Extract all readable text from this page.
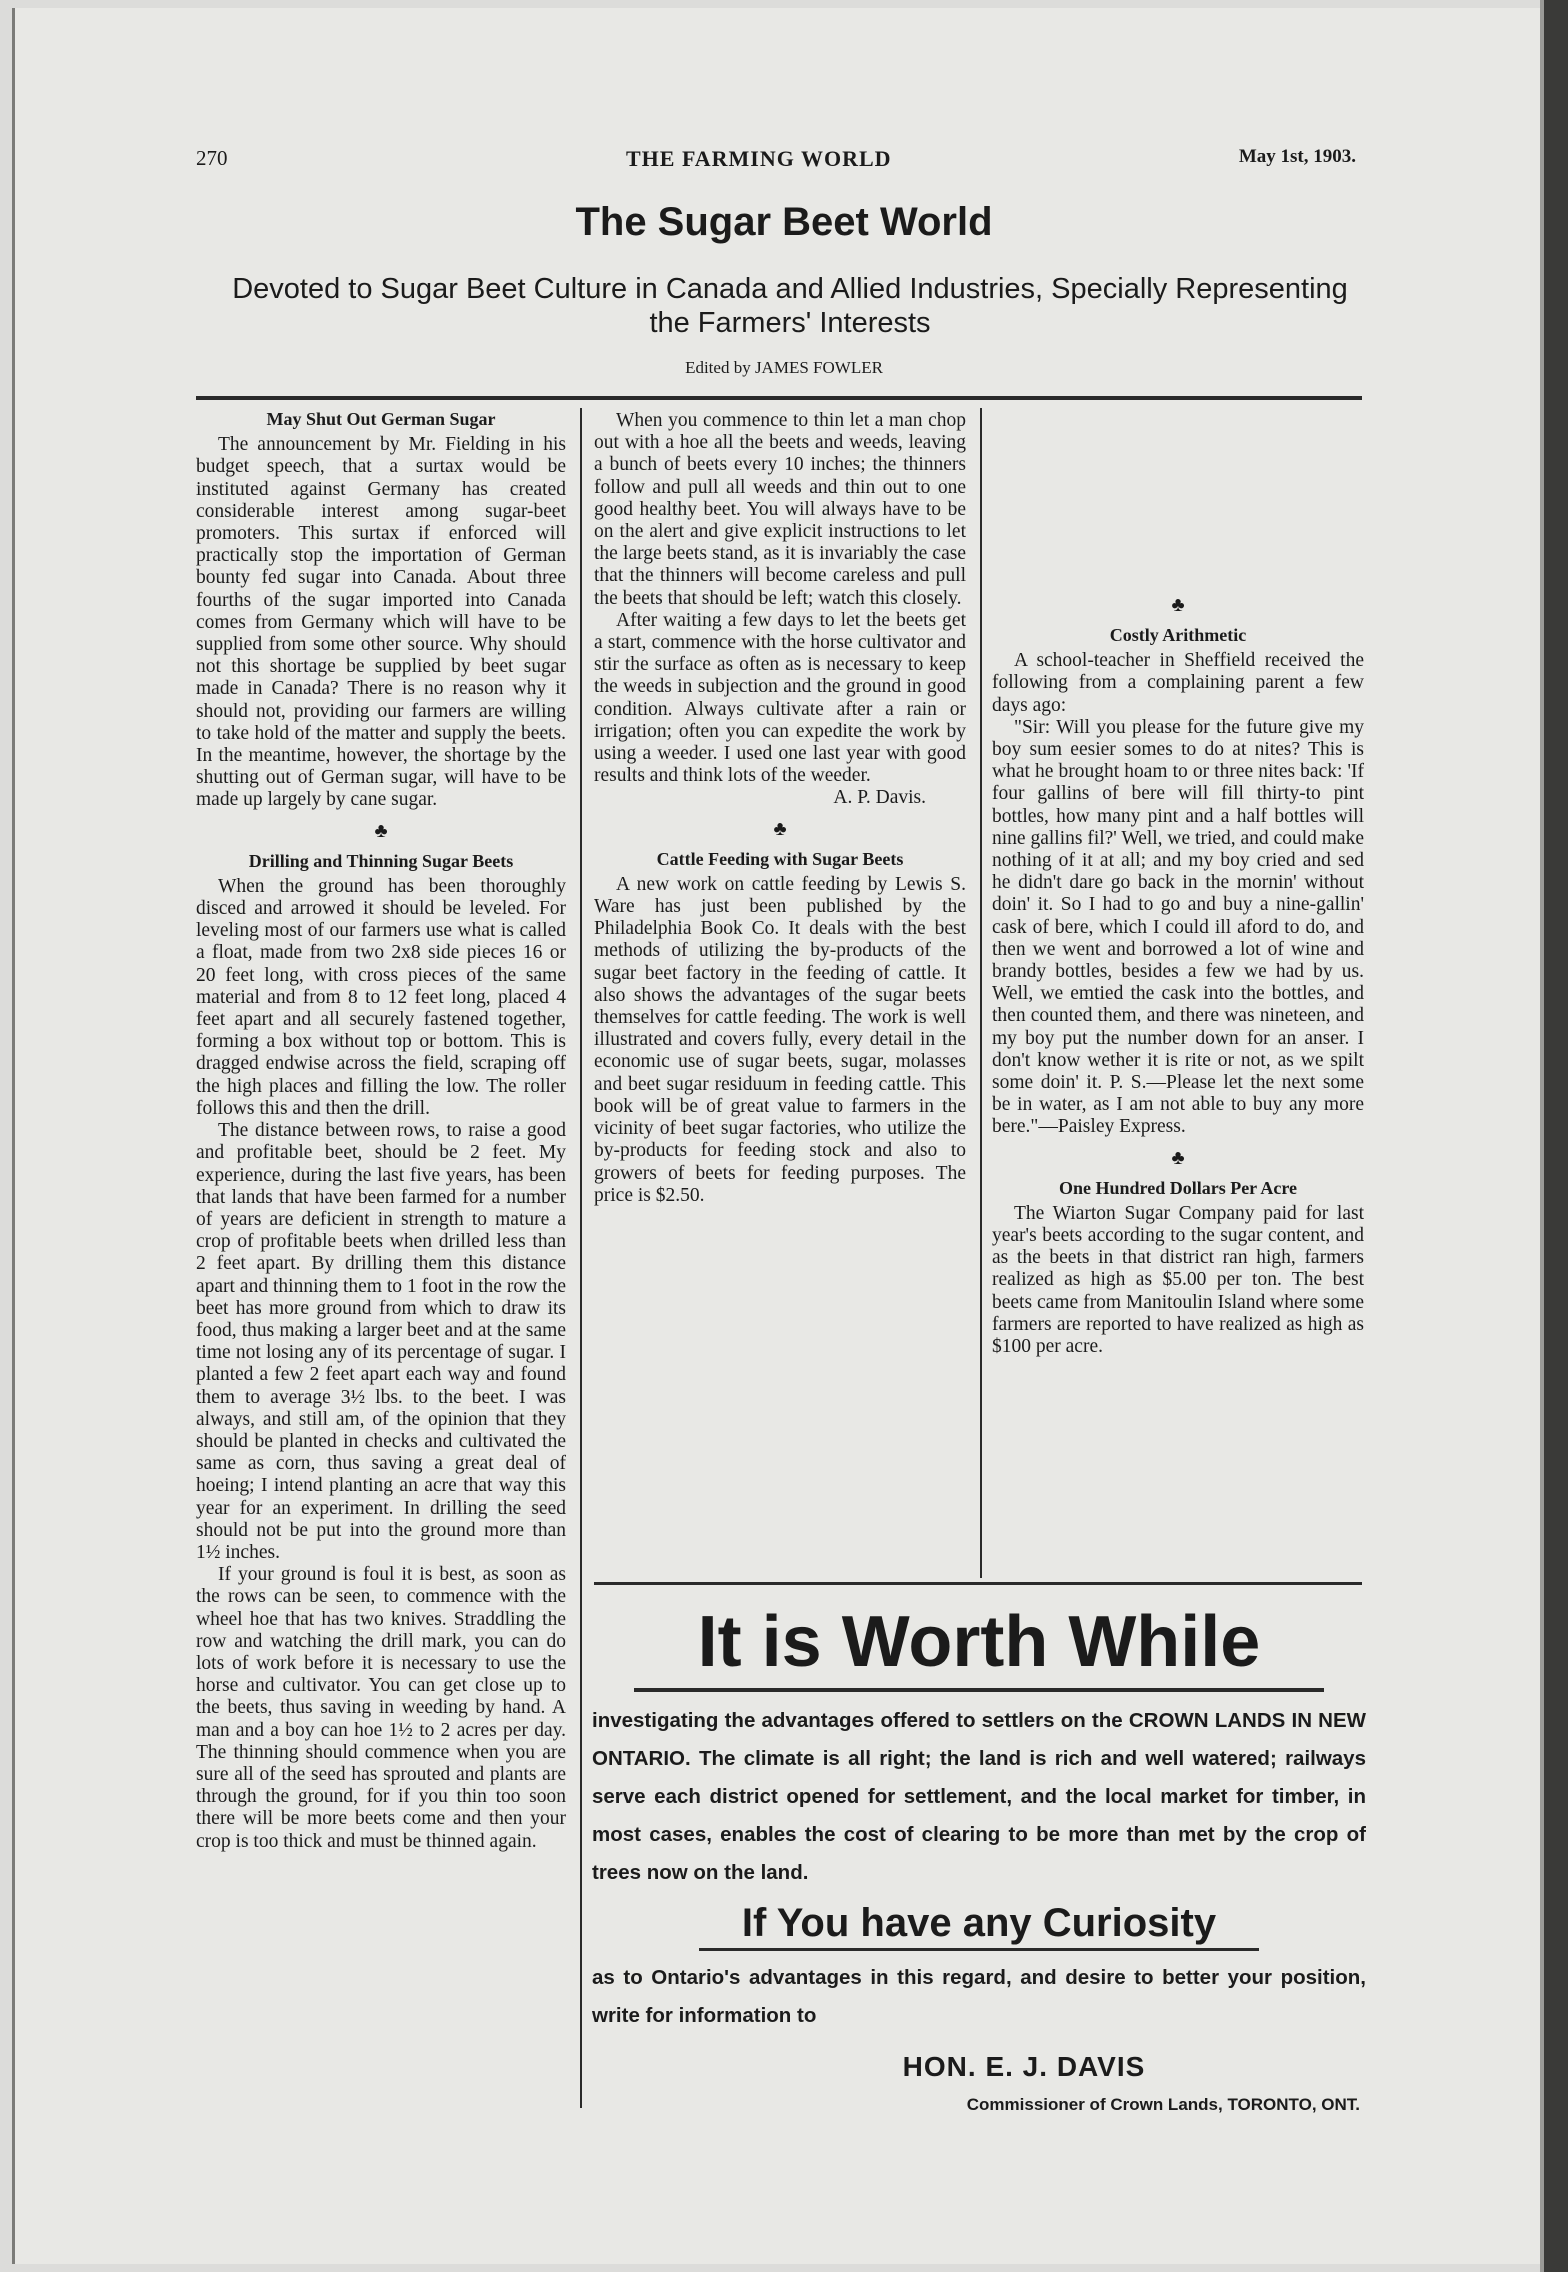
270	THE FARMING WORLD	May 1st, 1903.
The Sugar Beet World
Devoted to Sugar Beet Culture in Canada and Allied Industries, Specially Representing the Farmers' Interests
Edited by JAMES FOWLER
May Shut Out German Sugar

The announcement by Mr. Fielding in his budget speech, that a surtax would be instituted against Germany has created considerable interest among sugar-beet promoters. This surtax if enforced will practically stop the importation of German bounty fed sugar into Canada. About three fourths of the sugar imported into Canada comes from Germany which will have to be supplied from some other source. Why should not this shortage be supplied by beet sugar made in Canada? There is no reason why it should not, providing our farmers are willing to take hold of the matter and supply the beets. In the meantime, however, the shortage by the shutting out of German sugar, will have to be made up largely by cane sugar.

♣
Drilling and Thinning Sugar Beets

When the ground has been thoroughly disced and arrowed it should be leveled. For leveling most of our farmers use what is called a float, made from two 2x8 side pieces 16 or 20 feet long, with cross pieces of the same material and from 8 to 12 feet long, placed 4 feet apart and all securely fastened together, forming a box without top or bottom. This is dragged endwise across the field, scraping off the high places and filling the low. The roller follows this and then the drill.

The distance between rows, to raise a good and profitable beet, should be 2 feet. My experience, during the last five years, has been that lands that have been farmed for a number of years are deficient in strength to mature a crop of profitable beets when drilled less than 2 feet apart. By drilling them this distance apart and thinning them to 1 foot in the row the beet has more ground from which to draw its food, thus making a larger beet and at the same time not losing any of its percentage of sugar. I planted a few 2 feet apart each way and found them to average 3½ lbs. to the beet. I was always, and still am, of the opinion that they should be planted in checks and cultivated the same as corn, thus saving a great deal of hoeing; I intend planting an acre that way this year for an experiment. In drilling the seed should not be put into the ground more than 1½ inches.

If your ground is foul it is best, as soon as the rows can be seen, to commence with the wheel hoe that has two knives. Straddling the row and watching the drill mark, you can do lots of work before it is necessary to use the horse and cultivator. You can get close up to the beets, thus saving in weeding by hand. A man and a boy can hoe 1½ to 2 acres per day. The thinning should commence when you are sure all of the seed has sprouted and plants are through the ground, for if you thin too soon there will be more beets come and then your crop is too thick and must be thinned again.

When you commence to thin let a man chop out with a hoe all the beets and weeds, leaving a bunch of beets every 10 inches; the thinners follow and pull all weeds and thin out to one good healthy beet. You will always have to be on the alert and give explicit instructions to let the large beets stand, as it is invariably the case that the thinners will become careless and pull the beets that should be left; watch this closely.

After waiting a few days to let the beets get a start, commence with the horse cultivator and stir the surface as often as is necessary to keep the weeds in subjection and the ground in good condition. Always cultivate after a rain or irrigation; often you can expedite the work by using a weeder. I used one last year with good results and think lots of the weeder.

A. P. Davis.

♣
Cattle Feeding with Sugar Beets

A new work on cattle feeding by Lewis S. Ware has just been published by the Philadelphia Book Co. It deals with the best methods of utilizing the by-products of the sugar beet factory in the feeding of cattle. It also shows the advantages of the sugar beets themselves for cattle feeding. The work is well illustrated and covers fully, every detail in the economic use of sugar beets, sugar, molasses and beet sugar residuum in feeding cattle. This book will be of great value to farmers in the vicinity of beet sugar factories, who utilize the by-products for feeding stock and also to growers of beets for feeding purposes. The price is $2.50.

♣
Costly Arithmetic

A school-teacher in Sheffield received the following from a complaining parent a few days ago:

"Sir: Will you please for the future give my boy sum eesier somes to do at nites? This is what he brought hoam to or three nites back: 'If four gallins of bere will fill thirty-to pint bottles, how many pint and a half bottles will nine gallins fil?' Well, we tried, and could make nothing of it at all; and my boy cried and sed he didn't dare go back in the mornin' without doin' it. So I had to go and buy a nine-gallin' cask of bere, which I could ill aford to do, and then we went and borrowed a lot of wine and brandy bottles, besides a few we had by us. Well, we emtied the cask into the bottles, and then counted them, and there was nineteen, and my boy put the number down for an anser. I don't know wether it is rite or not, as we spilt some doin' it. P. S.—Please let the next some be in water, as I am not able to buy any more bere."—Paisley Express.

♣
One Hundred Dollars Per Acre

The Wiarton Sugar Company paid for last year's beets according to the sugar content, and as the beets in that district ran high, farmers realized as high as $5.00 per ton. The best beets came from Manitoulin Island where some farmers are reported to have realized as high as $100 per acre.

It is Worth While

investigating the advantages offered to settlers on the CROWN LANDS IN NEW ONTARIO. The climate is all right; the land is rich and well watered; railways serve each district opened for settlement, and the local market for timber, in most cases, enables the cost of clearing to be more than met by the crop of trees now on the land.

If You have any Curiosity

as to Ontario's advantages in this regard, and desire to better your position, write for information to

HON. E. J. DAVIS
Commissioner of Crown Lands, TORONTO, ONT.
